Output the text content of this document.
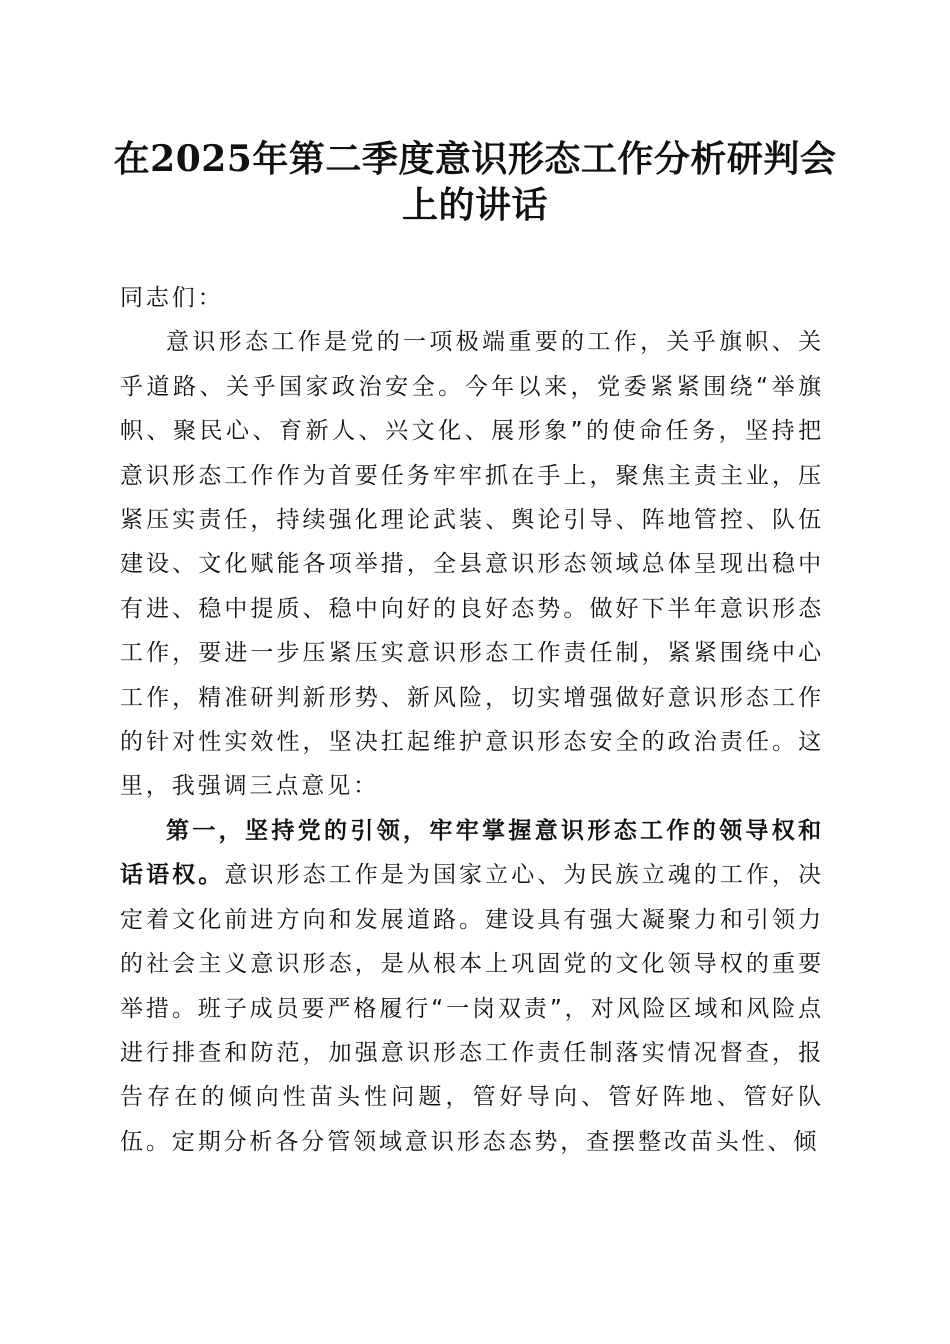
在2025年第二季度意识形态工作分析研判会上的讲话

同志们：

意识形态工作是党的一项极端重要的工作，关乎旗帜、关乎道路、关乎国家政治安全。今年以来，党委紧紧围绕“举旗帜、聚民心、育新人、兴文化、展形象”的使命任务，坚持把意识形态工作作为首要任务牢牢抓在手上，聚焦主责主业，压紧压实责任，持续强化理论武装、舆论引导、阵地管控、队伍建设、文化赋能各项举措，全县意识形态领域总体呈现出稳中有进、稳中提质、稳中向好的良好态势。做好下半年意识形态工作，要进一步压紧压实意识形态工作责任制，紧紧围绕中心工作，精准研判新形势、新风险，切实增强做好意识形态工作的针对性实效性，坚决扛起维护意识形态安全的政治责任。这里，我强调三点意见：

第一，坚持党的引领，牢牢掌握意识形态工作的领导权和话语权。意识形态工作是为国家立心、为民族立魂的工作，决定着文化前进方向和发展道路。建设具有强大凝聚力和引领力的社会主义意识形态，是从根本上巩固党的文化领导权的重要举措。班子成员要严格履行“一岗双责”，对风险区域和风险点进行排查和防范，加强意识形态工作责任制落实情况督查，报告存在的倾向性苗头性问题，管好导向、管好阵地、管好队伍。定期分析各分管领域意识形态态势，查摆整改苗头性、倾
